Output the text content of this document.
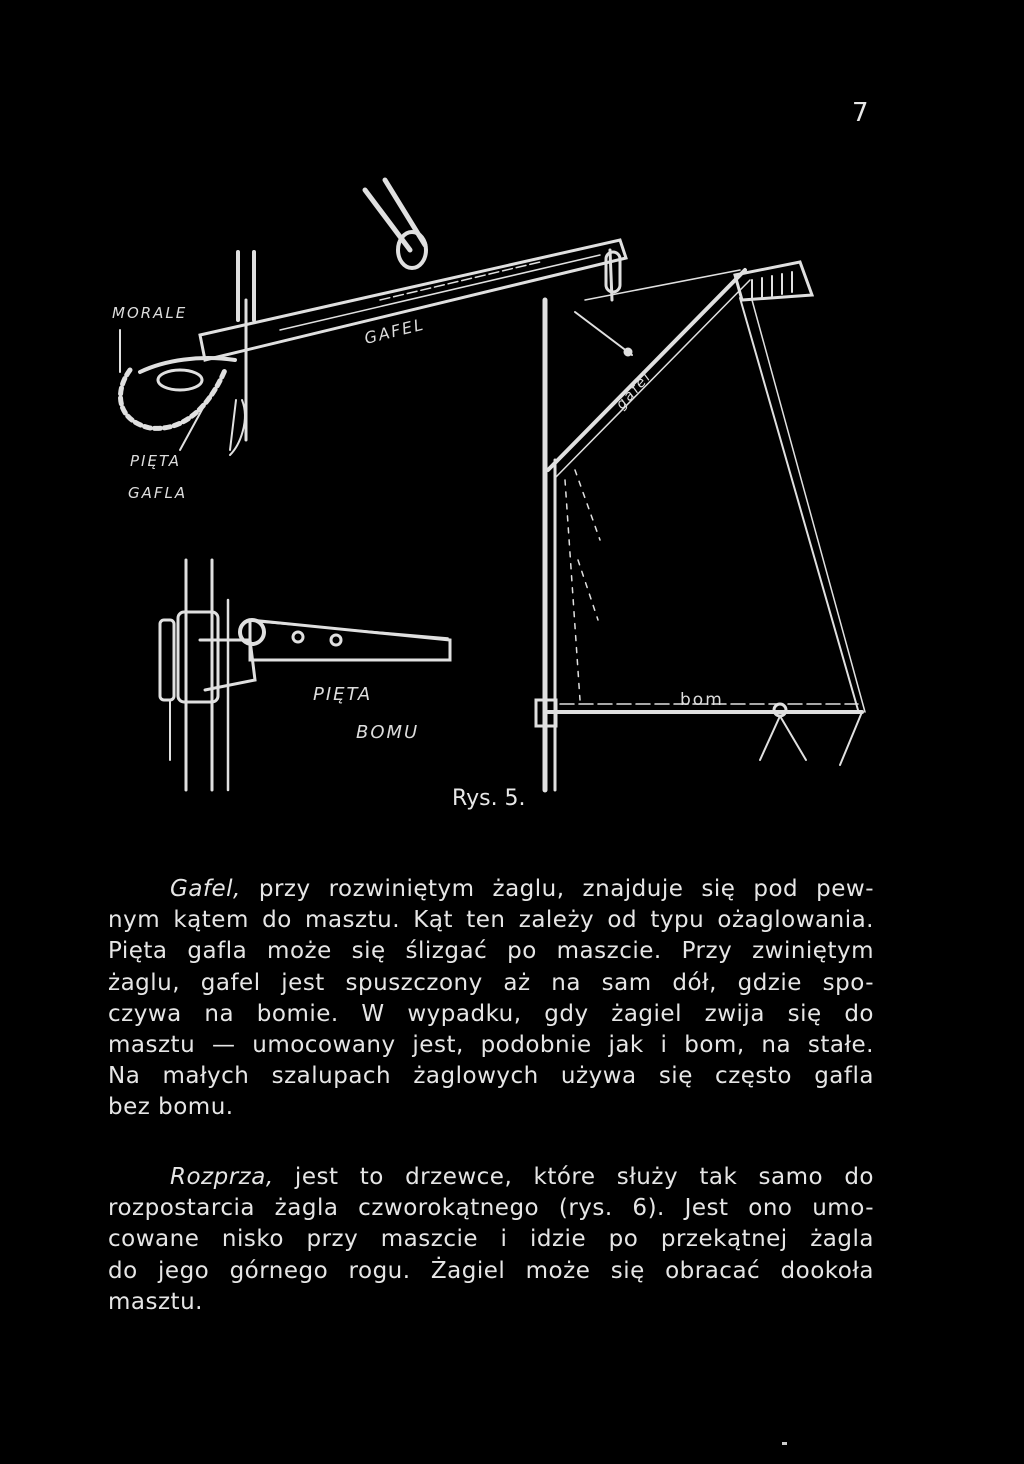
7
MORALE
GAFEL
PIĘTA
GAFLA
PIĘTA
BOMU
gafel
bom
Rys. 5.
Gafel, przy rozwiniętym żaglu, znajduje się pod pew-
nym kątem do masztu. Kąt ten zależy od typu ożaglowania.
Pięta gafla może się ślizgać po maszcie. Przy zwiniętym
żaglu, gafel jest spuszczony aż na sam dół, gdzie spo-
czywa na bomie. W wypadku, gdy żagiel zwija się do
masztu — umocowany jest, podobnie jak i bom, na stałe.
Na małych szalupach żaglowych używa się często gafla
bez bomu.
Rozprza, jest to drzewce, które służy tak samo do
rozpostarcia żagla czworokątnego (rys. 6). Jest ono umo-
cowane nisko przy maszcie i idzie po przekątnej żagla
do jego górnego rogu. Żagiel może się obracać dookoła
masztu.
